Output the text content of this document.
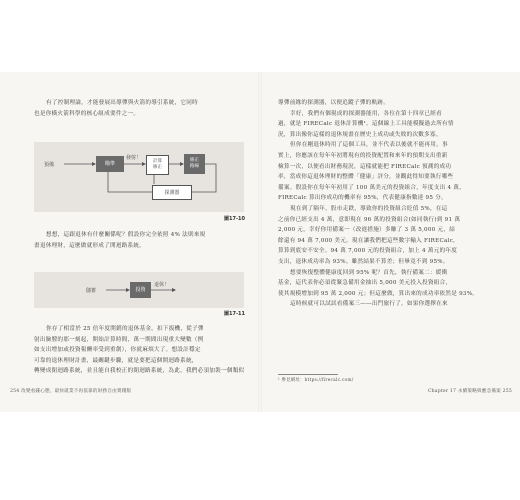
有了控制理論，才能發展出導彈與火箭的導引系統，它同時
也是你橫火箭科學的核心組成要件之一。
預備	瞄準
發射！
計算
修正
修正
路線
探測器
圖17-10
想想，這跟退休有什麼關係呢？假設你完全依照 4% 法則來規
畫退休理財，這麼做就形成了開迴路系統。
儲蓄	投資
退休！
圖17-11
你存了相當於 25 倍年度開銷的退休基金，扣下扳機，從子彈
射出臉膛的那一刻起，開始計算時間，萬一期間出現重大變數（例
如支出增加或投資報酬率受到重創），你就麻煩大了。想設計穩定
可靠的退休理財計畫，最關鍵步驟，就是要把這個開迴路系統，
轉變成閉迴路系統，並且能自我校正的閉迴路系統，為此，我們必須加裝一個類似
254 改變看錢心態，最快就業不再依靠的財務自由實踐版
導彈前緣的探測器，以便追蹤子彈的軌跡。
幸好，我們有個現成的探測器能用，各位在第十四章已經看
過，就是 FIRECalc 退休計算機¹。這個線上工具能模擬過去所有情
況，算出像你這樣的退休規畫在歷史上成功或失敗的次數多寡。
但你在剛退休時用了這個工具，並不代表以後就不能再用。事
實上，你應該在每年年初將現有的投資配置和來年的預期支出重新
檢算一次，以便看出財務現況，這樣就能把 FIRECalc 預測的成功
率，當成你這退休理財的整體「健康」評分，並觀此得知要執行哪些
備案。假設你在每年年初用了 100 萬美元的投資組合，年度支出 4 萬，
FIRECalc 算出你成功的機率有 95%，代表健康指數達 95 分。
現在到了隔年，股市走跌，導致你的投資組合貶值 5%，在這
之前你已經支出 4 萬，意即現在 96 萬的投資組合(如同執行)到 91 萬
2,000 元，幸好你用備案一（改進措施）多賺了 3 萬 5,000 元，結
餘還有 94 萬 7,000 美元。現在讓我們把這些數字輸入 FIRECalc，
算算到底安不安全。94 萬 7,000 元的投資組合，加上 4 萬元的年度
支出，退休成功率為 93%。雖然結果不算差；但畢竟不到 95%。
想要恢復整體健康度回到 95% 呢？首先，執行備案二：緩衝
基金，這代表你必須從緊急備用金抽出 5,000 美元投入投資組合，
使其規模增加到 95 萬 2,000 元；但這麼做，算出來的成功率依然是 93%。
這時候就可以試試看備案三——出門旅行了。如果你選擇在來
¹ 參見網址：https://firecalc.com/
Chapter 17 永續策略與應急備案 255
